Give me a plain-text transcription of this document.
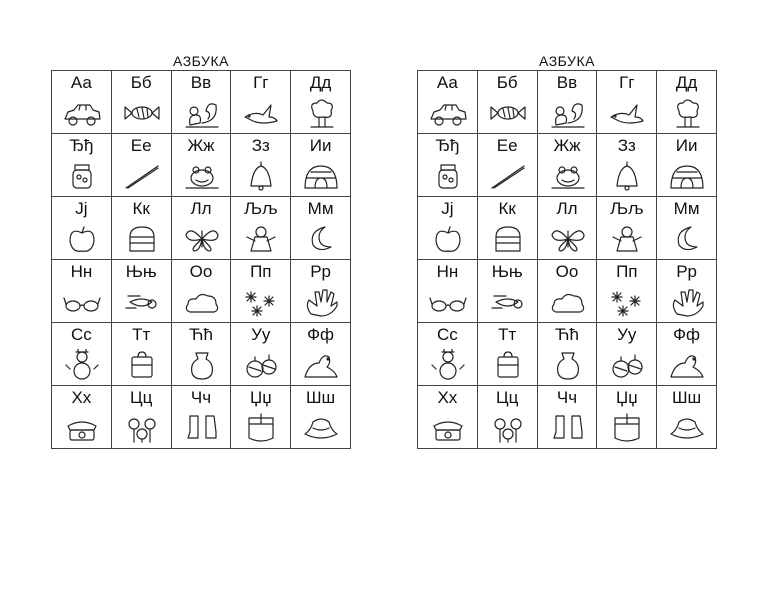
АЗБУКА
Аа	Бб	Вв	Гг	Дд
Ђђ	Ее	Жж	Зз	Ии
Јј	Кк	Лл	Љљ	Мм
Нн	Њњ	Оо	Пп	Рр
Сс	Тт	Ћћ	Уу	Фф
Хх	Цц	Чч	Џџ	Шш
АЗБУКА
Аа	Бб	Вв	Гг	Дд
Ђђ	Ее	Жж	Зз	Ии
Јј	Кк	Лл	Љљ	Мм
Нн	Њњ	Оо	Пп	Рр
Сс	Тт	Ћћ	Уу	Фф
Хх	Цц	Чч	Џџ	Шш
